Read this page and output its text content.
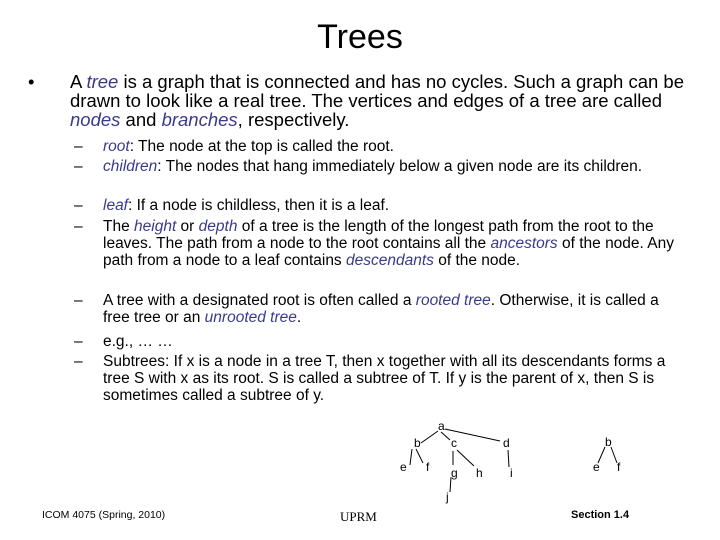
Trees
• A tree is a graph that is connected and has no cycles. Such a graph can be drawn to look like a real tree. The vertices and edges of a tree are called nodes and branches, respectively.
– root: The node at the top is called the root.
– children: The nodes that hang immediately below a given node are its children.
– leaf: If a node is childless, then it is a leaf.
– The height or depth of a tree is the length of the longest path from the root to the leaves. The path from a node to the root contains all the ancestors of the node. Any path from a node to a leaf contains descendants of the node.
– A tree with a designated root is often called a rooted tree. Otherwise, it is called a free tree or an unrooted tree.
– e.g., … …
– Subtrees: If x is a node in a tree T, then x together with all its descendants forms a tree S with x as its root. S is called a subtree of T. If y is the parent of x, then S is sometimes called a subtree of y.
a
b	c	d
e f g h i
j
b
e f
ICOM 4075 (Spring, 2010)	UPRM	Section 1.4
